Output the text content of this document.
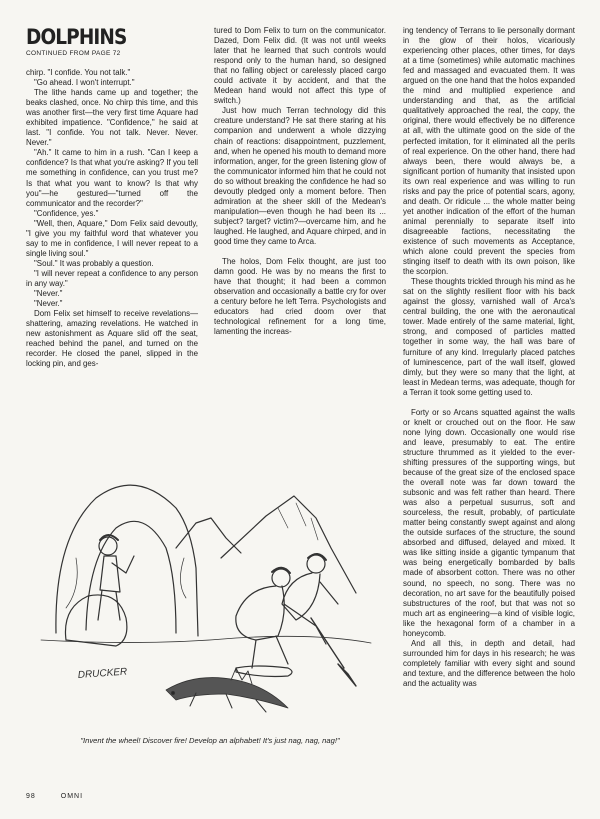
DOLPHINS
CONTINUED FROM PAGE 72

chirp. "I confide. You not talk."

"Go ahead. I won't interrupt."

The lithe hands came up and together; the beaks clashed, once. No chirp this time, and this was another first—the very first time Aquare had exhibited impatience. "Confidence," he said at last. "I confide. You not talk. Never. Never. Never."

"Ah." It came to him in a rush. "Can I keep a confidence? Is that what you're asking? If you tell me something in confidence, can you trust me? Is that what you want to know? Is that why you"—he gestured—"turned off the communicator and the recorder?"

"Confidence, yes."

"Well, then, Aquare," Dom Felix said devoutly, "I give you my faithful word that whatever you say to me in confidence, I will never repeat to a single living soul."

"Soul." It was probably a question.

"I will never repeat a confidence to any person in any way."

"Never."

"Never."

Dom Felix set himself to receive revelations—shattering, amazing revelations. He watched in new astonishment as Aquare slid off the seat, reached behind the panel, and turned on the recorder. He closed the panel, slipped in the locking pin, and ges-

tured to Dom Felix to turn on the communicator. Dazed, Dom Felix did. (It was not until weeks later that he learned that such controls would respond only to the human hand, so designed that no falling object or carelessly placed cargo could activate it by accident, and that the Medean hand would not affect this type of switch.)

Just how much Terran technology did this creature understand? He sat there staring at his companion and underwent a whole dizzying chain of reactions: disappointment, puzzlement, and, when he opened his mouth to demand more information, anger, for the green listening glow of the communicator informed him that he could not do so without breaking the confidence he had so devoutly pledged only a moment before. Then admiration at the sheer skill of the Medean's manipulation—even though he had been its ... subject? target? victim?—overcame him, and he laughed. He laughed, and Aquare chirped, and in good time they came to Arca.

The holos, Dom Felix thought, are just too damn good. He was by no means the first to have that thought; it had been a common observation and occasionally a battle cry for over a century before he left Terra. Psychologists and educators had cried doom over that technological refinement for a long time, lamenting the increas-

ing tendency of Terrans to lie personally dormant in the glow of their holos, vicariously experiencing other places, other times, for days at a time (sometimes) while automatic machines fed and massaged and evacuated them. It was argued on the one hand that the holos expanded the mind and multiplied experience and understanding and that, as the artificial qualitatively approached the real, the copy, the original, there would effectively be no difference at all, with the ultimate good on the side of the perfected imitation, for it eliminated all the perils of real experience. On the other hand, there had always been, there would always be, a significant portion of humanity that insisted upon its own real experience and was willing to run risks and pay the price of potential scars, agony, and death. Or ridicule ... the whole matter being yet another indication of the effort of the human animal perennially to separate itself into disagreeable factions, necessitating the existence of such movements as Acceptance, which alone could prevent the species from stinging itself to death with its own poison, like the scorpion.

These thoughts trickled through his mind as he sat on the slightly resilient floor with his back against the glossy, varnished wall of Arca's central building, the one with the aeronautical tower. Made entirely of the same material, light, strong, and composed of particles matted together in some way, the hall was bare of furniture of any kind. Irregularly placed patches of luminescence, part of the wall itself, glowed dimly, but they were so many that the light, at least in Medean terms, was adequate, though for a Terran it took some getting used to.

Forty or so Arcans squatted against the walls or knelt or crouched out on the floor. He saw none lying down. Occasionally one would rise and leave, presumably to eat. The entire structure thrummed as it yielded to the ever-shifting pressures of the supporting wings, but because of the great size of the enclosed space the overall note was far down toward the subsonic and was felt rather than heard. There was also a perpetual susurrus, soft and sourceless, the result, probably, of particulate matter being constantly swept against and along the outside surfaces of the structure, the sound absorbed and diffused, delayed and mixed. It was like sitting inside a gigantic tympanum that was being energetically bombarded by balls made of absorbent cotton. There was no other sound, no speech, no song. There was no decoration, no art save for the beautifully poised substructures of the roof, but that was not so much art as engineering—a kind of visible logic, like the hexagonal form of a chamber in a honeycomb.

And all this, in depth and detail, had surrounded him for days in his research; he was completely familiar with every sight and sound and texture, and the difference between the holo and the actuality was

DRUCKER
"Invent the wheel! Discover fire! Develop an alphabet! It's just nag, nag, nag!"
98	OMNI
